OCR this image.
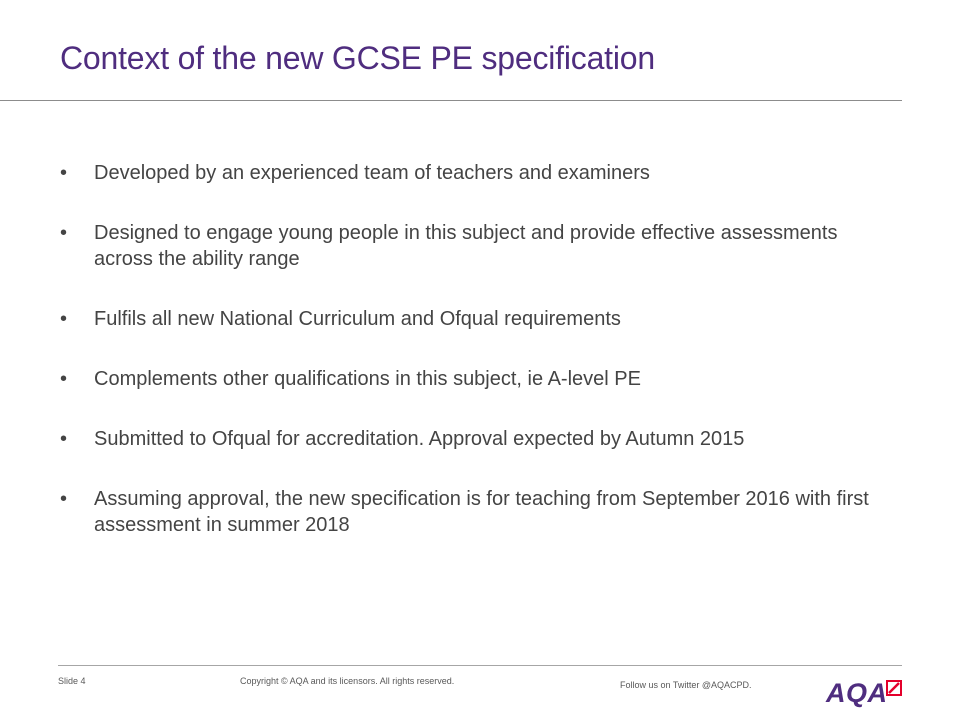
Context of the new GCSE PE specification
• Developed by an experienced team of teachers and examiners
• Designed to engage young people in this subject and provide effective assessments across the ability range
• Fulfils all new National Curriculum and Ofqual requirements
• Complements other qualifications in this subject, ie A-level PE
• Submitted to Ofqual for accreditation. Approval expected by Autumn 2015
• Assuming approval, the new specification is for teaching from September 2016 with first assessment in summer 2018
Slide 4	Copyright © AQA and its licensors. All rights reserved.	Follow us on Twitter @AQACPD.	AQA
